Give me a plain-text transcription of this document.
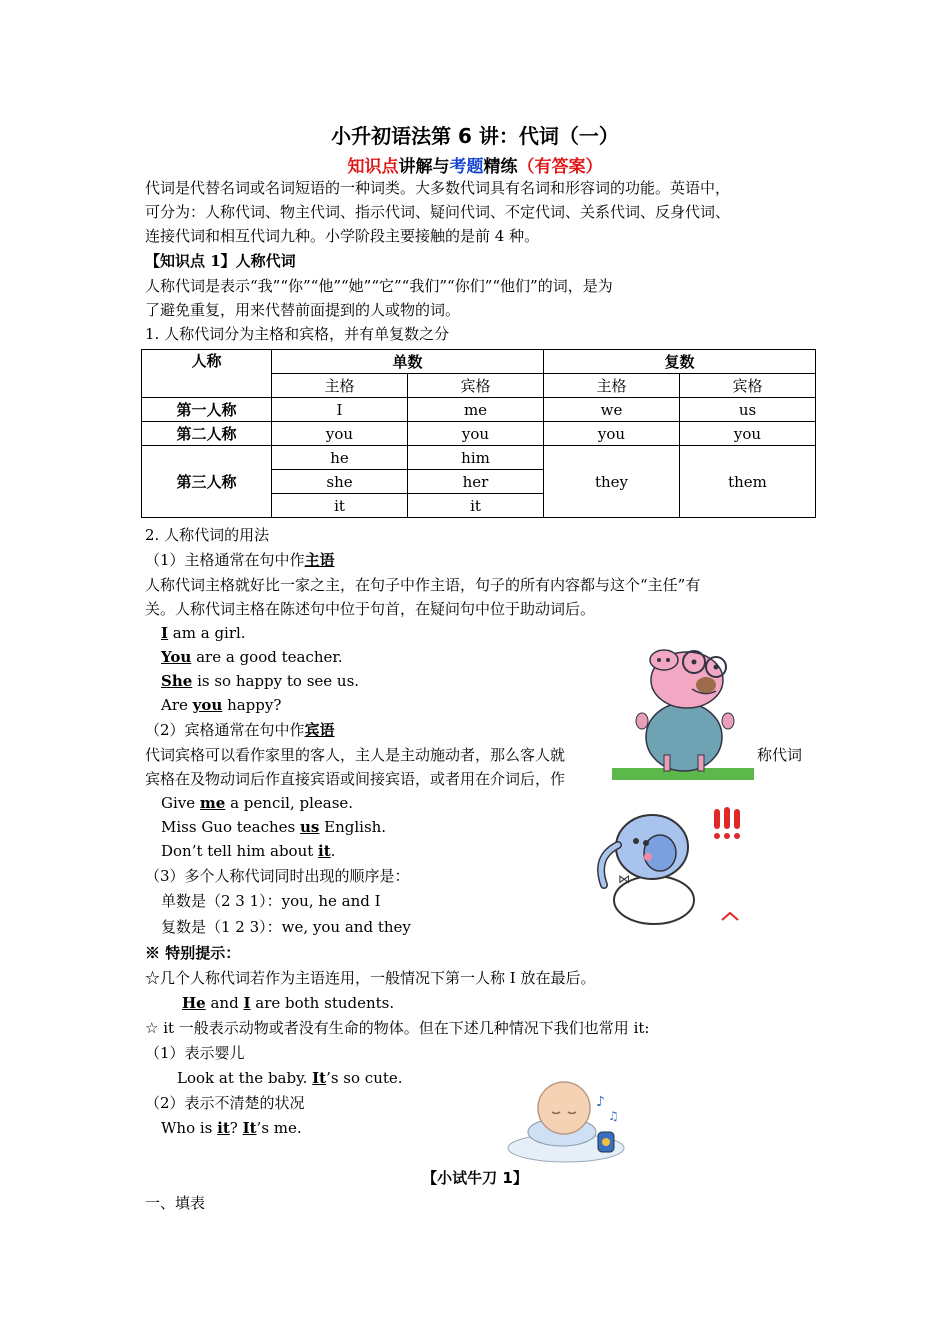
小升初语法第 6 讲：代词（一）
知识点讲解与考题精练（有答案）
代词是代替名词或名词短语的一种词类。大多数代词具有名词和形容词的功能。英语中，
可分为：人称代词、物主代词、指示代词、疑问代词、不定代词、关系代词、反身代词、
连接代词和相互代词九种。小学阶段主要接触的是前 4 种。
【知识点 1】人称代词
人称代词是表示“我”“你”“他”“她”“它”“我们”“你们”“他们”的词，是为
了避免重复，用来代替前面提到的人或物的词。
1. 人称代词分为主格和宾格，并有单复数之分
人称	单数		复数	
	主格	宾格	主格	宾格
第一人称	I	me	we	us
第二人称	you	you	you	you
第三人称	he	him	they	them
	she	her		
	it	it		
2. 人称代词的用法
（1）主格通常在句中作主语
人称代词主格就好比一家之主，在句子中作主语，句子的所有内容都与这个“主任”有
关。人称代词主格在陈述句中位于句首，在疑问句中位于助动词后。
I am a girl.
You are a good teacher.
She is so happy to see us.
Are you happy?
（2）宾格通常在句中作宾语
代词宾格可以看作家里的客人，主人是主动施动者，那么客人就
宾格在及物动词后作直接宾语或间接宾语，或者用在介词后，作
称代词
Give me a pencil, please.
Miss Guo teaches us English.
Don’t tell him about it.
（3）多个人称代词同时出现的顺序是：
单数是（2 3 1）：you, he and I
复数是（1 2 3）：we, you and they
※ 特别提示：
☆几个人称代词若作为主语连用，一般情况下第一人称 I 放在最后。
He and I are both students.
☆ it 一般表示动物或者没有生命的物体。但在下述几种情况下我们也常用 it:
（1）表示婴儿
Look at the baby. It’s so cute.
（2）表示不清楚的状况
Who is it? It’s me.
【小试牛刀 1】
一、填表
⋈
♪
♫
